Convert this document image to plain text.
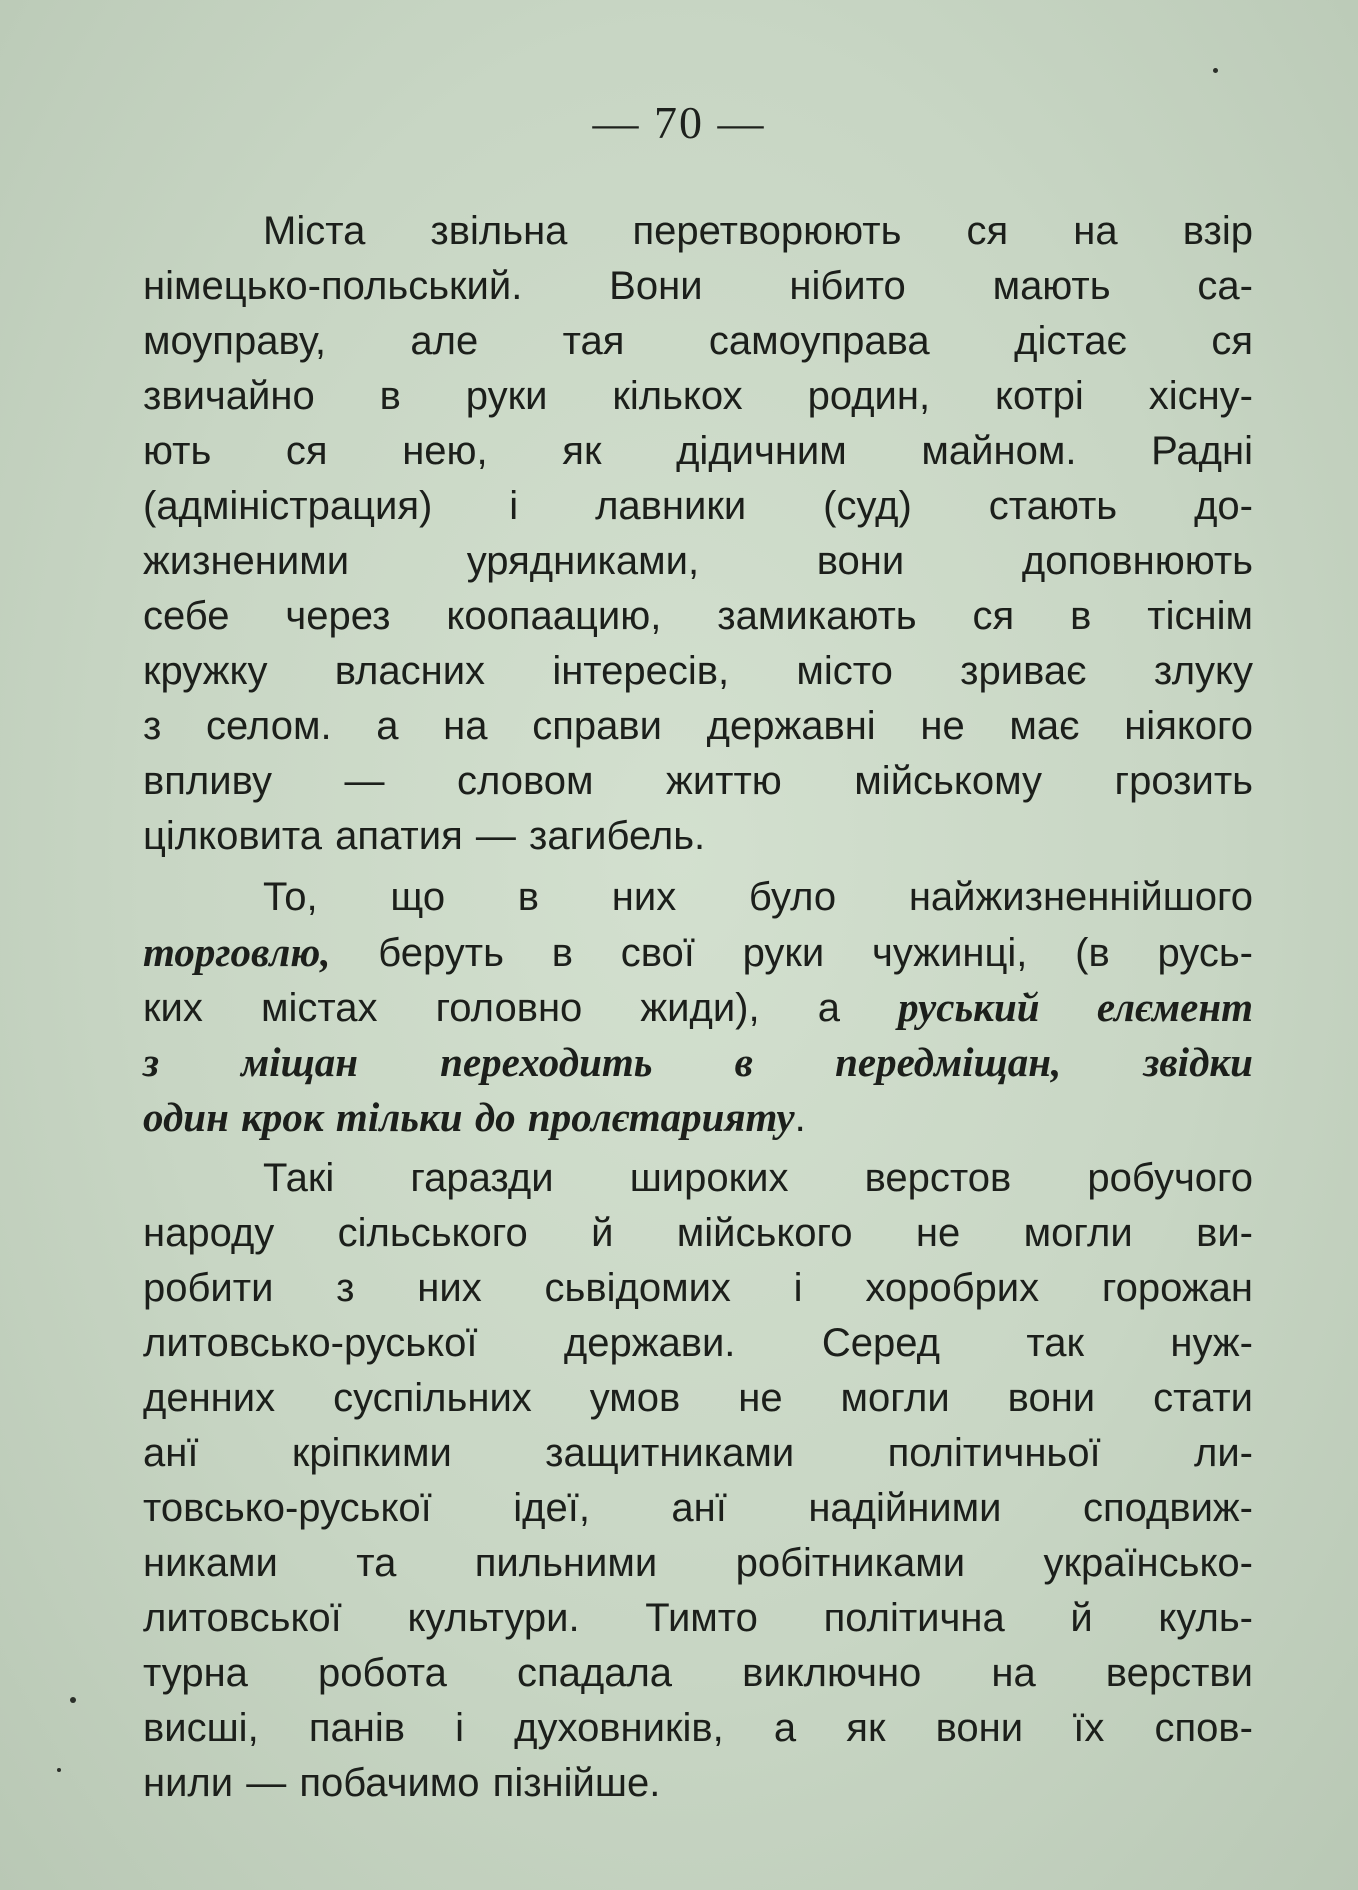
— 70 —
Міста звільна перетворюють ся на взір
німецько-польський. Вони нібито мають са-
моуправу, але тая самоуправа дістає ся
звичайно в руки кількох родин, котрі хісну-
ють ся нею, як дідичним майном. Радні
(адміністрация) і лавники (суд) стають до-
жизненими урядниками, вони доповнюють
себе через коопаацию, замикають ся в тіснім
кружку власних інтересів, місто зриває злуку
з селом. а на справи державні не має ніякого
впливу — словом життю мійському грозить
цілковита апатия — загибель.
То, що в них було найжизненнійшого
торговлю, беруть в свої руки чужинці, (в русь-
ких містах головно жиди), а руський елємент
з міщан переходить в передміщан, звідки
один крок тільки до пролєтарияту.
Такі гаразди широких верстов робучого
народу сільського й мійського не могли ви-
робити з них сьвідомих і хоробрих горожан
литовсько-руської держави. Серед так нуж-
денних суспільних умов не могли вони стати
анї кріпкими защитниками політичньої ли-
товсько-руської ідеї, анї надійними сподвиж-
никами та пильними робітниками українсько-
литовської культури. Тимто політична й куль-
турна робота спадала виключно на верстви
висші, панів і духовників, а як вони їх спов-
нили — побачимо пізнійше.
